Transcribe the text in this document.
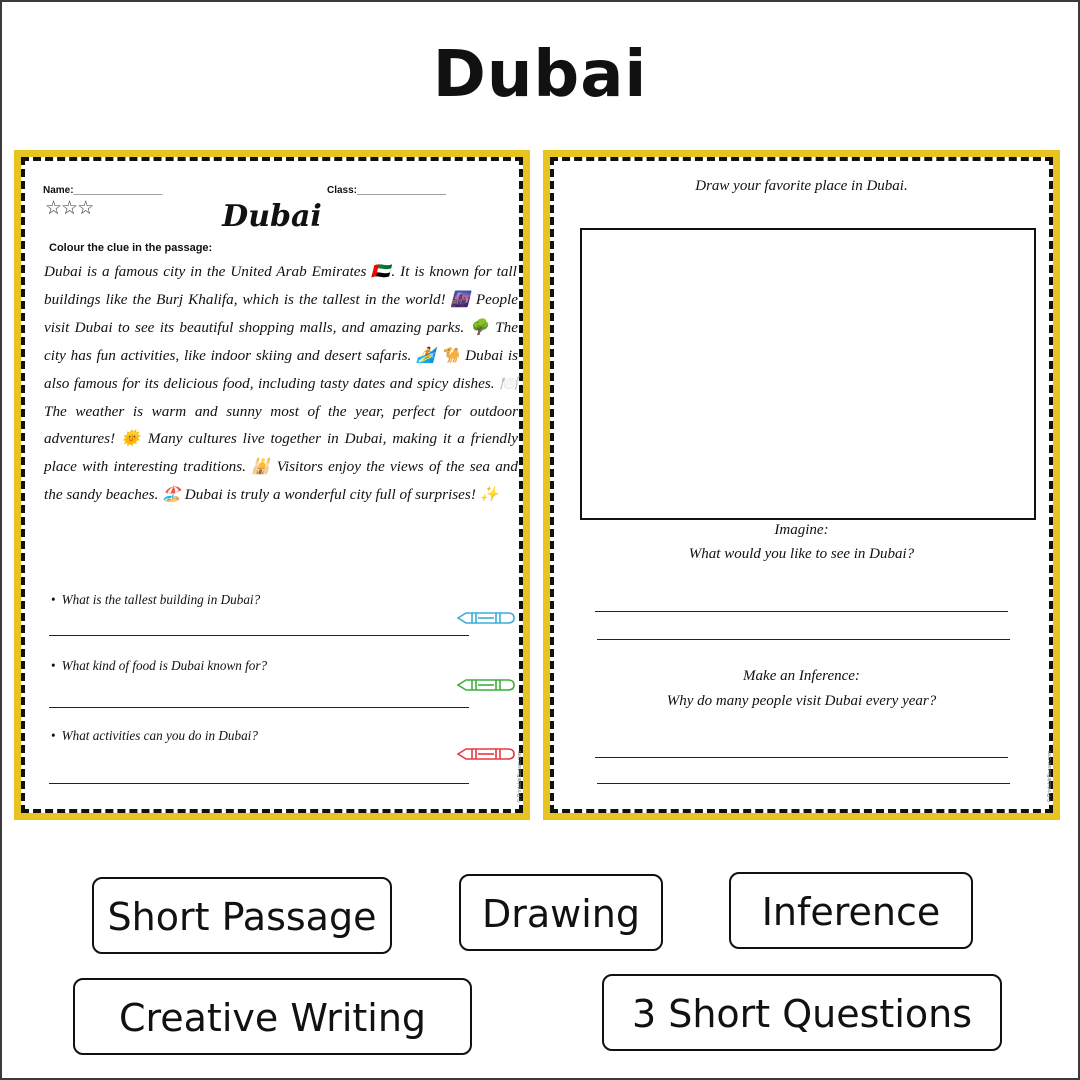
Dubai
Name:________________	Class:________________
☆☆☆	Dubai
Colour the clue in the passage:
Dubai is a famous city in the United Arab Emirates 🇦🇪. It is known for tall buildings like the Burj Khalifa, which is the tallest in the world! 🌆 People visit Dubai to see its beautiful shopping malls, and amazing parks. 🌳 The city has fun activities, like indoor skiing and desert safaris. 🏄 🐪 Dubai is also famous for its delicious food, including tasty dates and spicy dishes. 🍽️ The weather is warm and sunny most of the year, perfect for outdoor adventures! 🌞 Many cultures live together in Dubai, making it a friendly place with interesting traditions. 🕌 Visitors enjoy the views of the sea and the sandy beaches. 🏖️ Dubai is truly a wonderful city full of surprises! ✨
• What is the tallest building in Dubai?
• What kind of food is Dubai known for?
• What activities can you do in Dubai?
© PrintableBazaar.com
Draw your favorite place in Dubai.
Imagine:
What would you like to see in Dubai?
Make an Inference:
Why do many people visit Dubai every year?
© PrintableBazaar.com
Short Passage	Drawing	Inference
Creative Writing	3 Short Questions
